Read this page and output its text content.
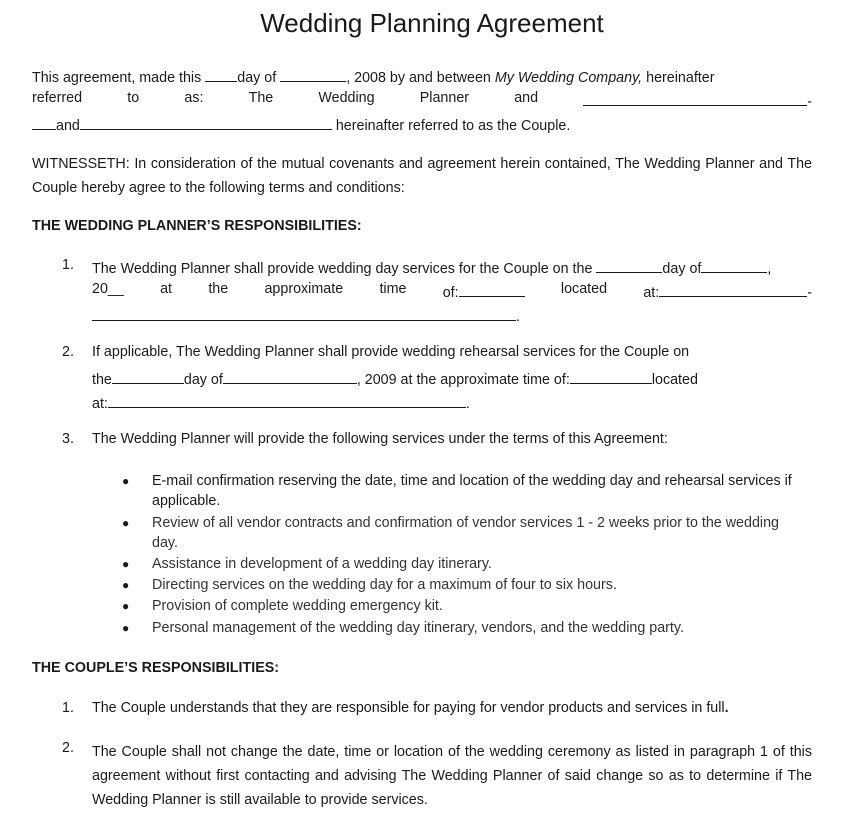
Wedding Planning Agreement
This agreement, made this	day of	, 2008 by and between My Wedding Company, hereinafter
referred	to	as:	The	Wedding	Planner	and	-
and	hereinafter referred to as the Couple.
WITNESSETH: In consideration of the mutual covenants and agreement herein contained, The Wedding Planner and The Couple hereby agree to the following terms and conditions:
THE WEDDING PLANNER’S RESPONSIBILITIES:
1. The Wedding Planner shall provide wedding day services for the Couple on the	day of	,
20__	at	the	approximate	time	of:	located	at:	-
.
2. If applicable, The Wedding Planner shall provide wedding rehearsal services for the Couple on
the	day of	, 2009 at the approximate time of:	located
at:	.
3. The Wedding Planner will provide the following services under the terms of this Agreement:
● E-mail confirmation reserving the date, time and location of the wedding day and rehearsal services if applicable.
● Review of all vendor contracts and confirmation of vendor services 1 - 2 weeks prior to the wedding day.
● Assistance in development of a wedding day itinerary.
● Directing services on the wedding day for a maximum of four to six hours.
● Provision of complete wedding emergency kit.
● Personal management of the wedding day itinerary, vendors, and the wedding party.
THE COUPLE’S RESPONSIBILITIES:
1. The Couple understands that they are responsible for paying for vendor products and services in full.
2. The Couple shall not change the date, time or location of the wedding ceremony as listed in paragraph 1 of this agreement without first contacting and advising The Wedding Planner of said change so as to determine if The Wedding Planner is still available to provide services.
